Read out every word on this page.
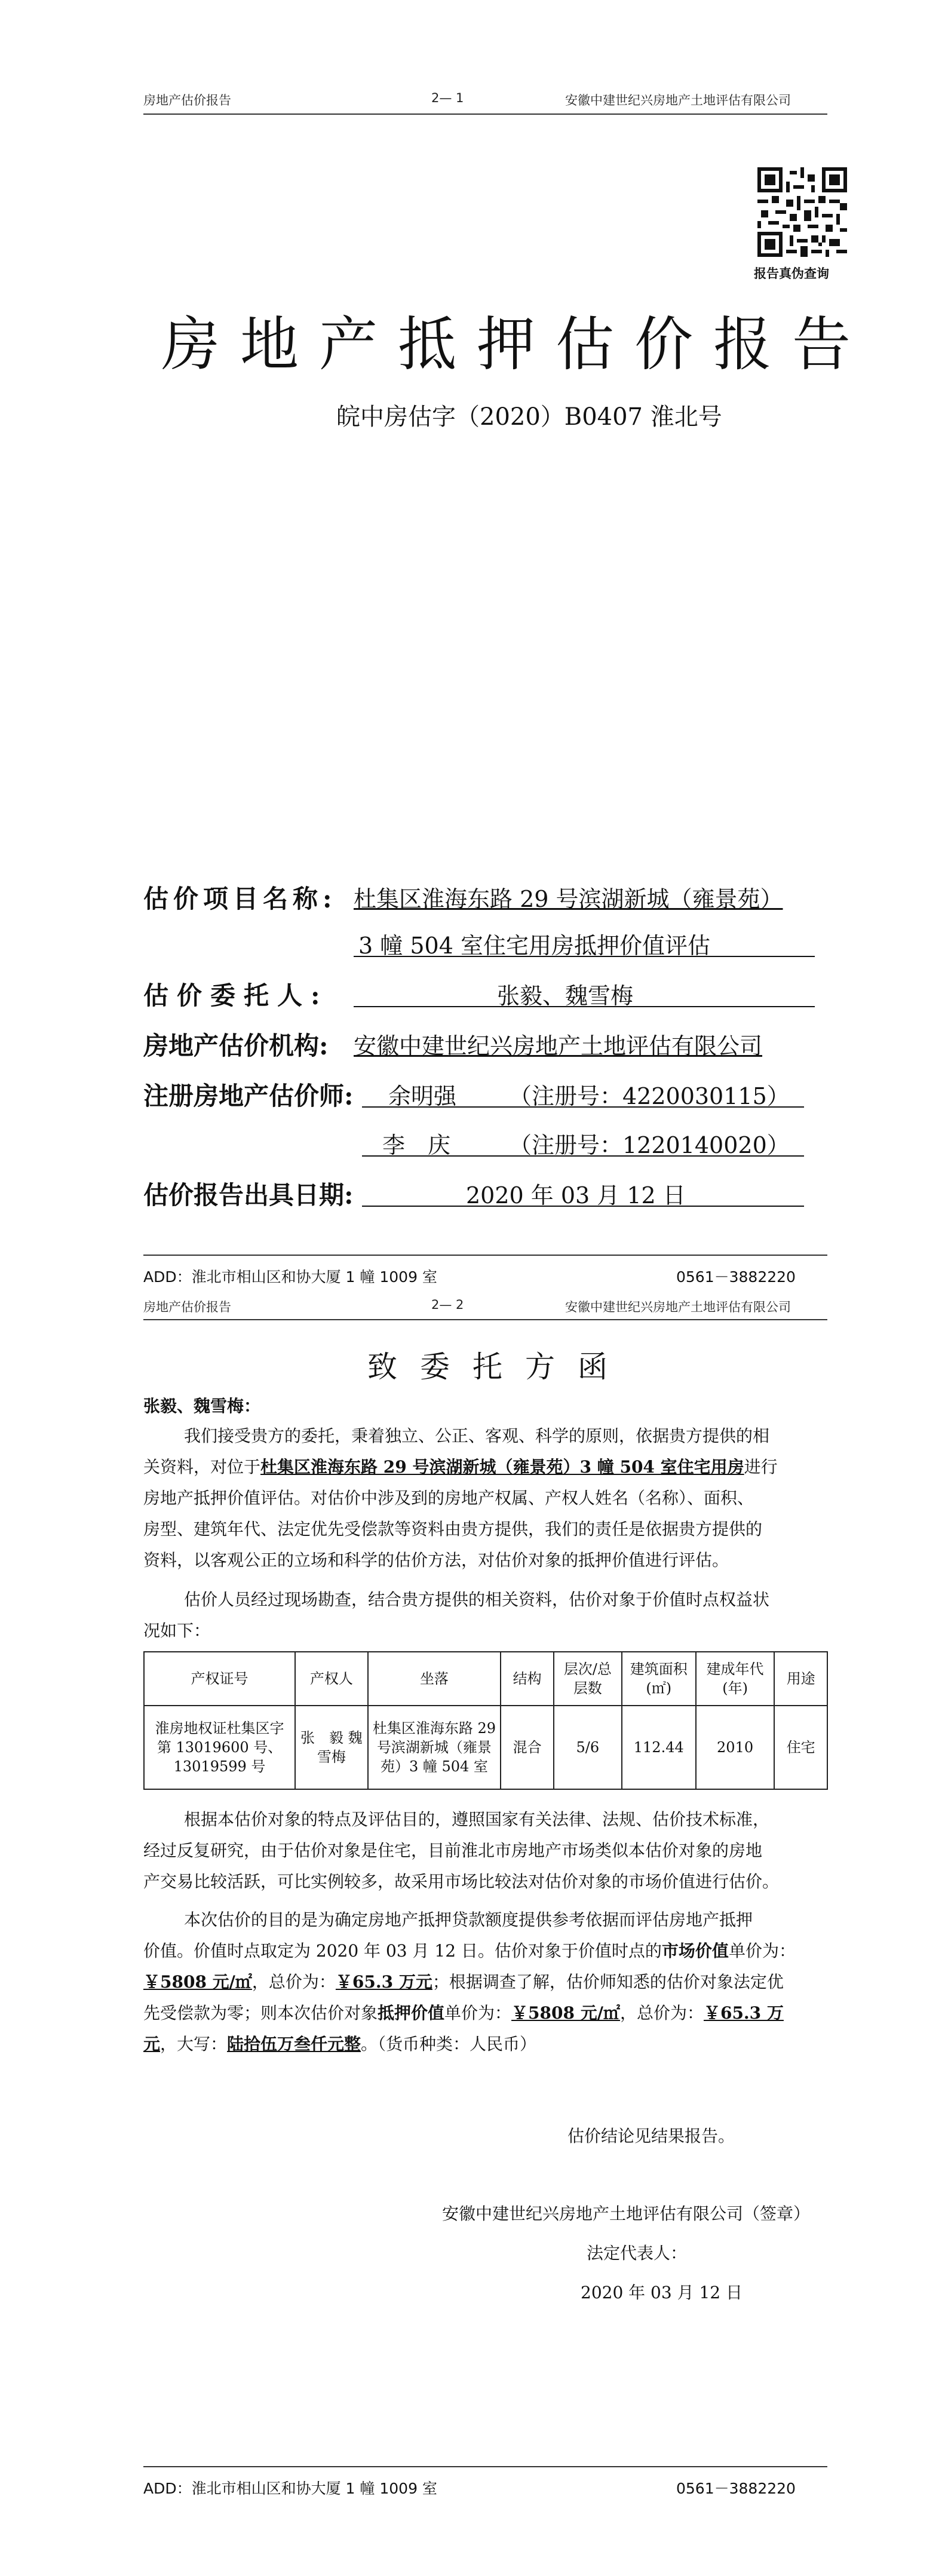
房地产估价报告	2— 1	安徽中建世纪兴房地产土地评估有限公司
报告真伪查询
房地产抵押估价报告
皖中房估字（2020）B0407 淮北号
估价项目名称: 杜集区淮海东路 29 号滨湖新城（雍景苑）
3 幢 504 室住宅用房抵押价值评估
估价委托人:	张毅、魏雪梅
房地产估价机构: 安徽中建世纪兴房地产土地评估有限公司
注册房地产估价师: 余明强 （注册号：4220030115）
李　庆	（注册号：1220140020）
估价报告出具日期:	2020 年 03 月 12 日
ADD：淮北市相山区和协大厦 1 幢 1009 室	0561－3882220
房地产估价报告	2— 2	安徽中建世纪兴房地产土地评估有限公司
致委托方函
张毅、魏雪梅：
我们接受贵方的委托，秉着独立、公正、客观、科学的原则，依据贵方提供的相
关资料，对位于杜集区淮海东路 29 号滨湖新城（雍景苑）3 幢 504 室住宅用房进行
房地产抵押价值评估。对估价中涉及到的房地产权属、产权人姓名（名称）、面积、
房型、建筑年代、法定优先受偿款等资料由贵方提供，我们的责任是依据贵方提供的
资料，以客观公正的立场和科学的估价方法，对估价对象的抵押价值进行评估。
估价人员经过现场勘查，结合贵方提供的相关资料，估价对象于价值时点权益状
况如下：
产权证号	产权人	坐落	结构	层次/总层数	建筑面积(㎡)	建成年代(年)	用途
淮房地权证杜集区字第 13019600 号、13019599 号	张　毅 魏雪梅	杜集区淮海东路 29 号滨湖新城（雍景苑）3 幢 504 室	混合	5/6	112.44	2010	住宅
根据本估价对象的特点及评估目的，遵照国家有关法律、法规、估价技术标准，
经过反复研究，由于估价对象是住宅，目前淮北市房地产市场类似本估价对象的房地
产交易比较活跃，可比实例较多，故采用市场比较法对估价对象的市场价值进行估价。
本次估价的目的是为确定房地产抵押贷款额度提供参考依据而评估房地产抵押
价值。价值时点取定为 2020 年 03 月 12 日。估价对象于价值时点的市场价值单价为：
￥5808 元/㎡，总价为：￥65.3 万元；根据调查了解，估价师知悉的估价对象法定优
先受偿款为零；则本次估价对象抵押价值单价为：￥5808 元/㎡，总价为：￥65.3 万
元，大写：陆拾伍万叁仟元整。（货币种类：人民币）
估价结论见结果报告。
安徽中建世纪兴房地产土地评估有限公司（签章）
法定代表人：
2020 年 03 月 12 日
ADD：淮北市相山区和协大厦 1 幢 1009 室	0561－3882220
